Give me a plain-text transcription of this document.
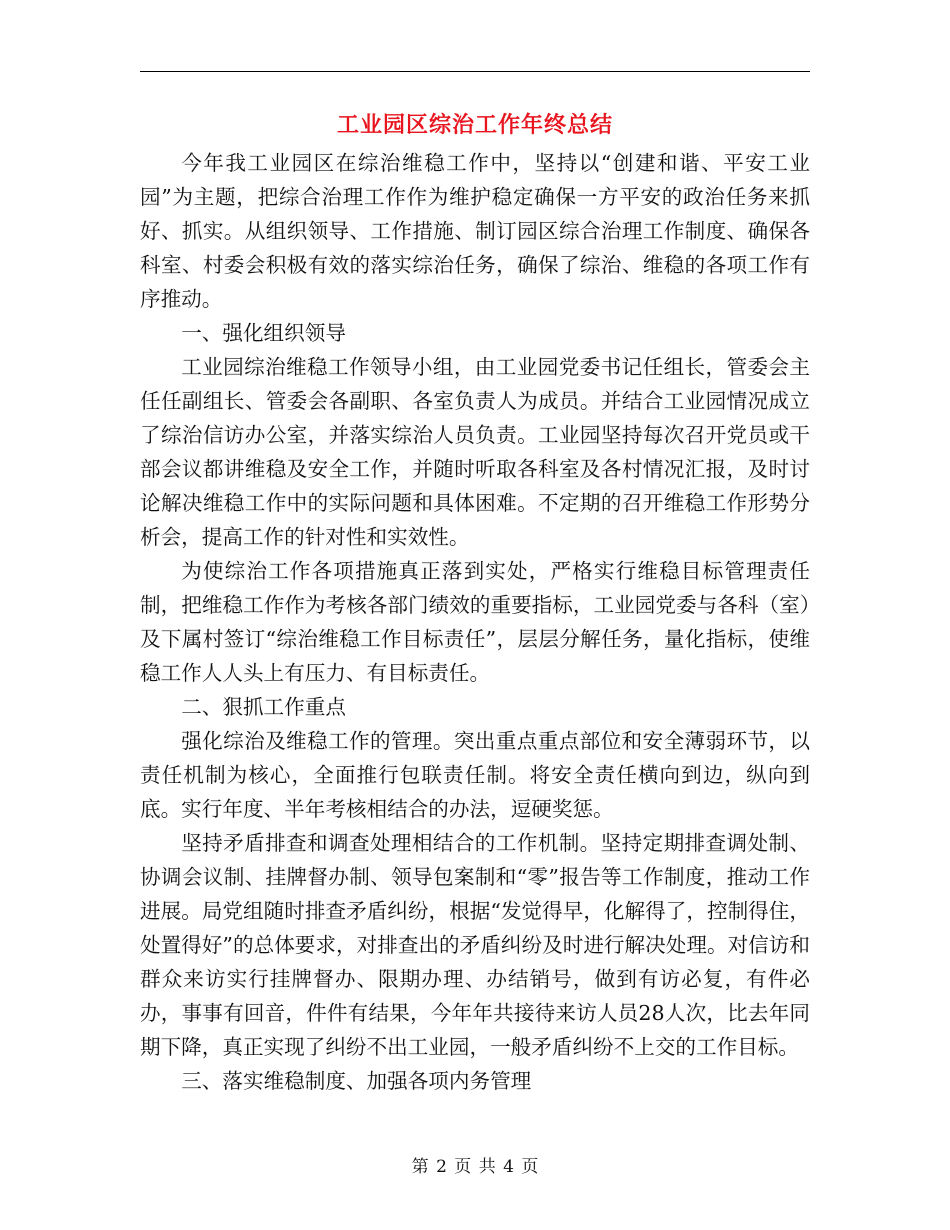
工业园区综治工作年终总结

今年我工业园区在综治维稳工作中，坚持以“创建和谐、平安工业园”为主题，把综合治理工作作为维护稳定确保一方平安的政治任务来抓好、抓实。从组织领导、工作措施、制订园区综合治理工作制度、确保各科室、村委会积极有效的落实综治任务，确保了综治、维稳的各项工作有序推动。

一、强化组织领导

工业园综治维稳工作领导小组，由工业园党委书记任组长，管委会主任任副组长、管委会各副职、各室负责人为成员。并结合工业园情况成立了综治信访办公室，并落实综治人员负责。工业园坚持每次召开党员或干部会议都讲维稳及安全工作，并随时听取各科室及各村情况汇报，及时讨论解决维稳工作中的实际问题和具体困难。不定期的召开维稳工作形势分析会，提高工作的针对性和实效性。

为使综治工作各项措施真正落到实处，严格实行维稳目标管理责任制，把维稳工作作为考核各部门绩效的重要指标，工业园党委与各科（室）及下属村签订“综治维稳工作目标责任”，层层分解任务，量化指标，使维稳工作人人头上有压力、有目标责任。

二、狠抓工作重点

强化综治及维稳工作的管理。突出重点重点部位和安全薄弱环节，以责任机制为核心，全面推行包联责任制。将安全责任横向到边，纵向到底。实行年度、半年考核相结合的办法，逗硬奖惩。

坚持矛盾排查和调查处理相结合的工作机制。坚持定期排查调处制、协调会议制、挂牌督办制、领导包案制和“零”报告等工作制度，推动工作进展。局党组随时排查矛盾纠纷，根据“发觉得早，化解得了，控制得住，处置得好”的总体要求，对排查出的矛盾纠纷及时进行解决处理。对信访和群众来访实行挂牌督办、限期办理、办结销号，做到有访必复，有件必办，事事有回音，件件有结果，今年年共接待来访人员28人次，比去年同期下降，真正实现了纠纷不出工业园，一般矛盾纠纷不上交的工作目标。

三、落实维稳制度、加强各项内务管理

第 2 页 共 4 页
